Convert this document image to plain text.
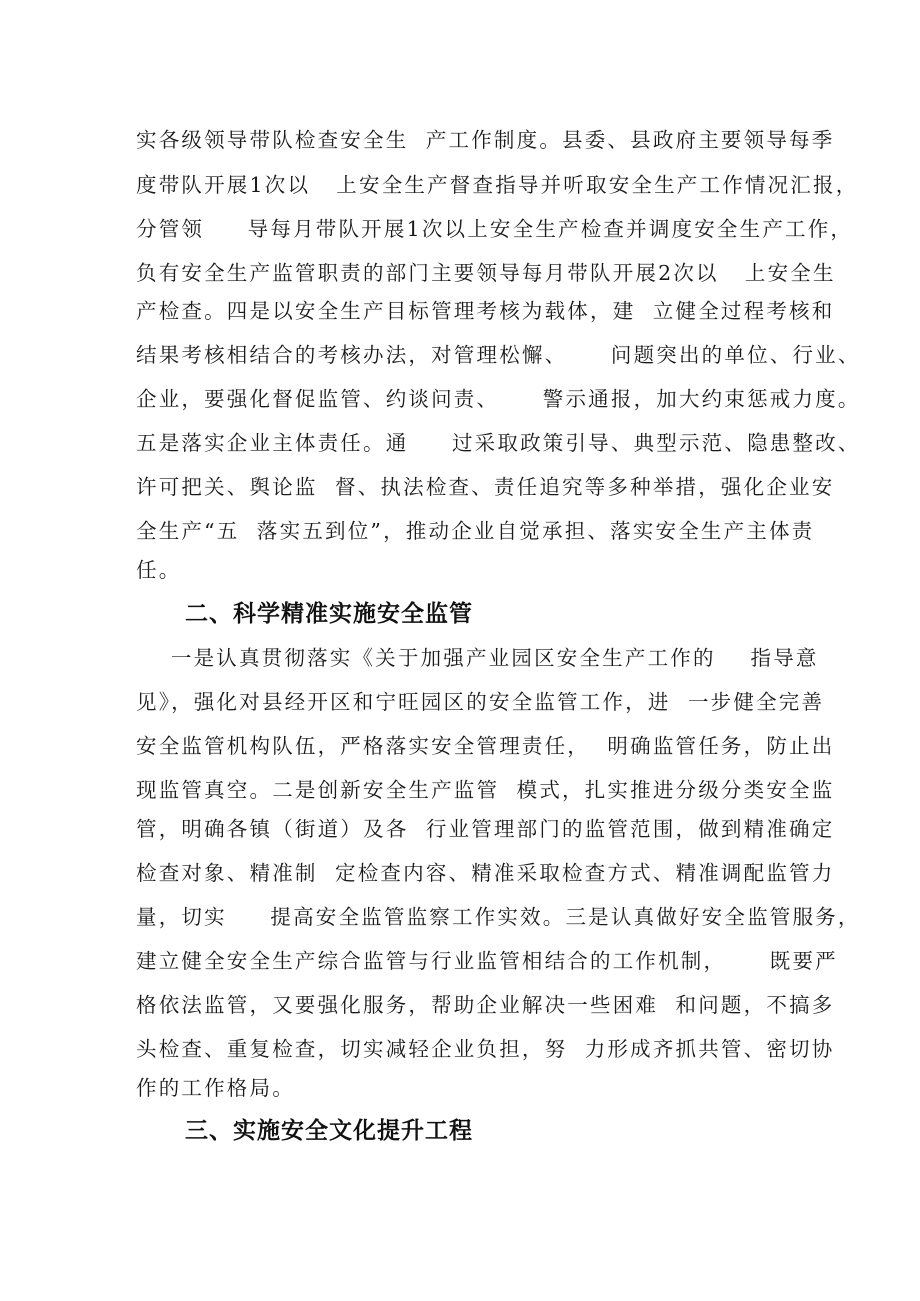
实各级领导带队检查安全生  产工作制度。县委、县政府主要领导每季
度带队开展1次以   上安全生产督查指导并听取安全生产工作情况汇报，
分管领     导每月带队开展1次以上安全生产检查并调度安全生产工作，
负有安全生产监管职责的部门主要领导每月带队开展2次以   上安全生
产检查。四是以安全生产目标管理考核为载体，建  立健全过程考核和
结果考核相结合的考核办法，对管理松懈、     问题突出的单位、行业、
企业，要强化督促监管、约谈问责、     警示通报，加大约束惩戒力度。
五是落实企业主体责任。通     过采取政策引导、典型示范、隐患整改、
许可把关、舆论监  督、执法检查、责任追究等多种举措，强化企业安
全生产“五  落实五到位”，推动企业自觉承担、落实安全生产主体责
任。
二、科学精准实施安全监管
一是认真贯彻落实《关于加强产业园区安全生产工作的    指导意
见》，强化对县经开区和宁旺园区的安全监管工作，进  一步健全完善
安全监管机构队伍，严格落实安全管理责任，  明确监管任务，防止出
现监管真空。二是创新安全生产监管  模式，扎实推进分级分类安全监
管，明确各镇（街道）及各  行业管理部门的监管范围，做到精准确定
检查对象、精准制  定检查内容、精准采取检查方式、精准调配监管力
量，切实     提高安全监管监察工作实效。三是认真做好安全监管服务，
建立健全安全生产综合监管与行业监管相结合的工作机制，     既要严
格依法监管，又要强化服务，帮助企业解决一些困难  和问题，不搞多
头检查、重复检查，切实减轻企业负担，努  力形成齐抓共管、密切协
作的工作格局。
三、实施安全文化提升工程
